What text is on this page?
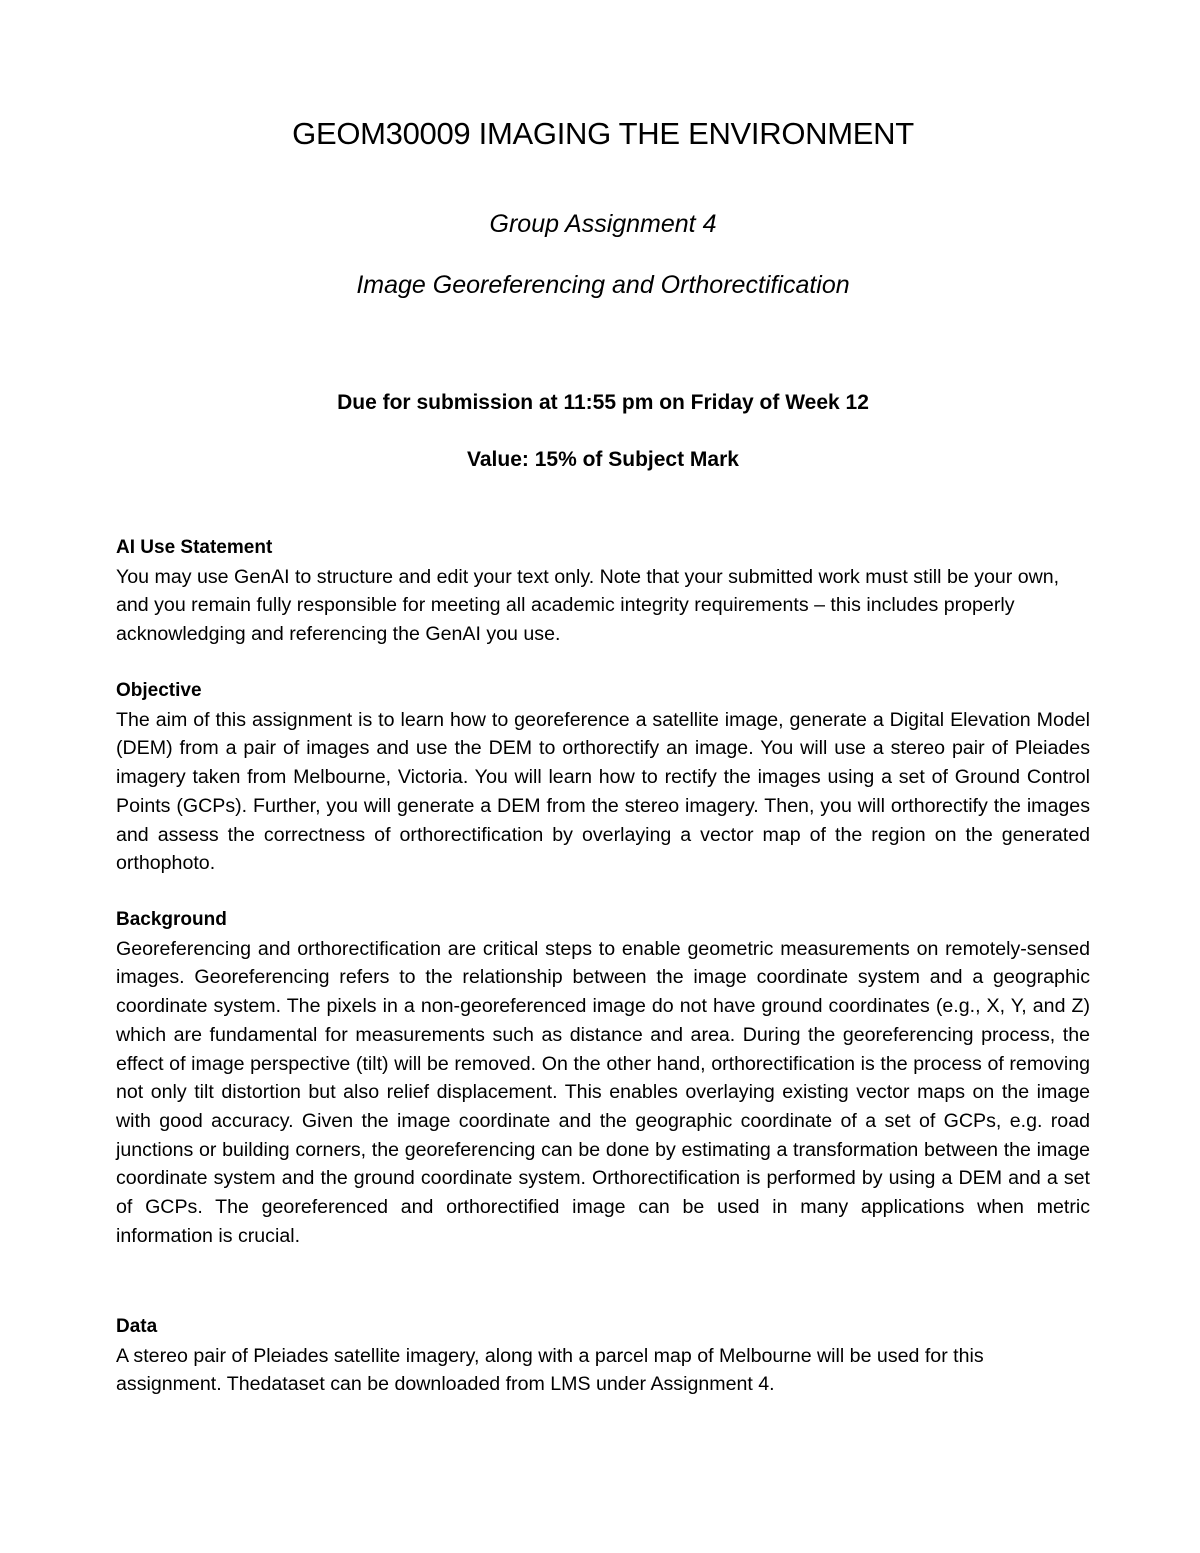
GEOM30009 IMAGING THE ENVIRONMENT
Group Assignment 4
Image Georeferencing and Orthorectification
Due for submission at 11:55 pm on Friday of Week 12
Value: 15% of Subject Mark
AI Use Statement

You may use GenAI to structure and edit your text only. Note that your submitted work must still be your own, and you remain fully responsible for meeting all academic integrity requirements – this includes properly acknowledging and referencing the GenAI you use.

Objective

The aim of this assignment is to learn how to georeference a satellite image, generate a Digital Elevation Model (DEM) from a pair of images and use the DEM to orthorectify an image. You will use a stereo pair of Pleiades imagery taken from Melbourne, Victoria. You will learn how to rectify the images using a set of Ground Control Points (GCPs). Further, you will generate a DEM from the stereo imagery. Then, you will orthorectify the images and assess the correctness of orthorectification by overlaying a vector map of the region on the generated orthophoto.

Background

Georeferencing and orthorectification are critical steps to enable geometric measurements on remotely-sensed images. Georeferencing refers to the relationship between the image coordinate system and a geographic coordinate system. The pixels in a non-georeferenced image do not have ground coordinates (e.g., X, Y, and Z) which are fundamental for measurements such as distance and area. During the georeferencing process, the effect of image perspective (tilt) will be removed. On the other hand, orthorectification is the process of removing not only tilt distortion but also relief displacement. This enables overlaying existing vector maps on the image with good accuracy. Given the image coordinate and the geographic coordinate of a set of GCPs, e.g. road junctions or building corners, the georeferencing can be done by estimating a transformation between the image coordinate system and the ground coordinate system. Orthorectification is performed by using a DEM and a set of GCPs. The georeferenced and orthorectified image can be used in many applications when metric information is crucial.

Data

A stereo pair of Pleiades satellite imagery, along with a parcel map of Melbourne will be used for this assignment. Thedataset can be downloaded from LMS under Assignment 4.
